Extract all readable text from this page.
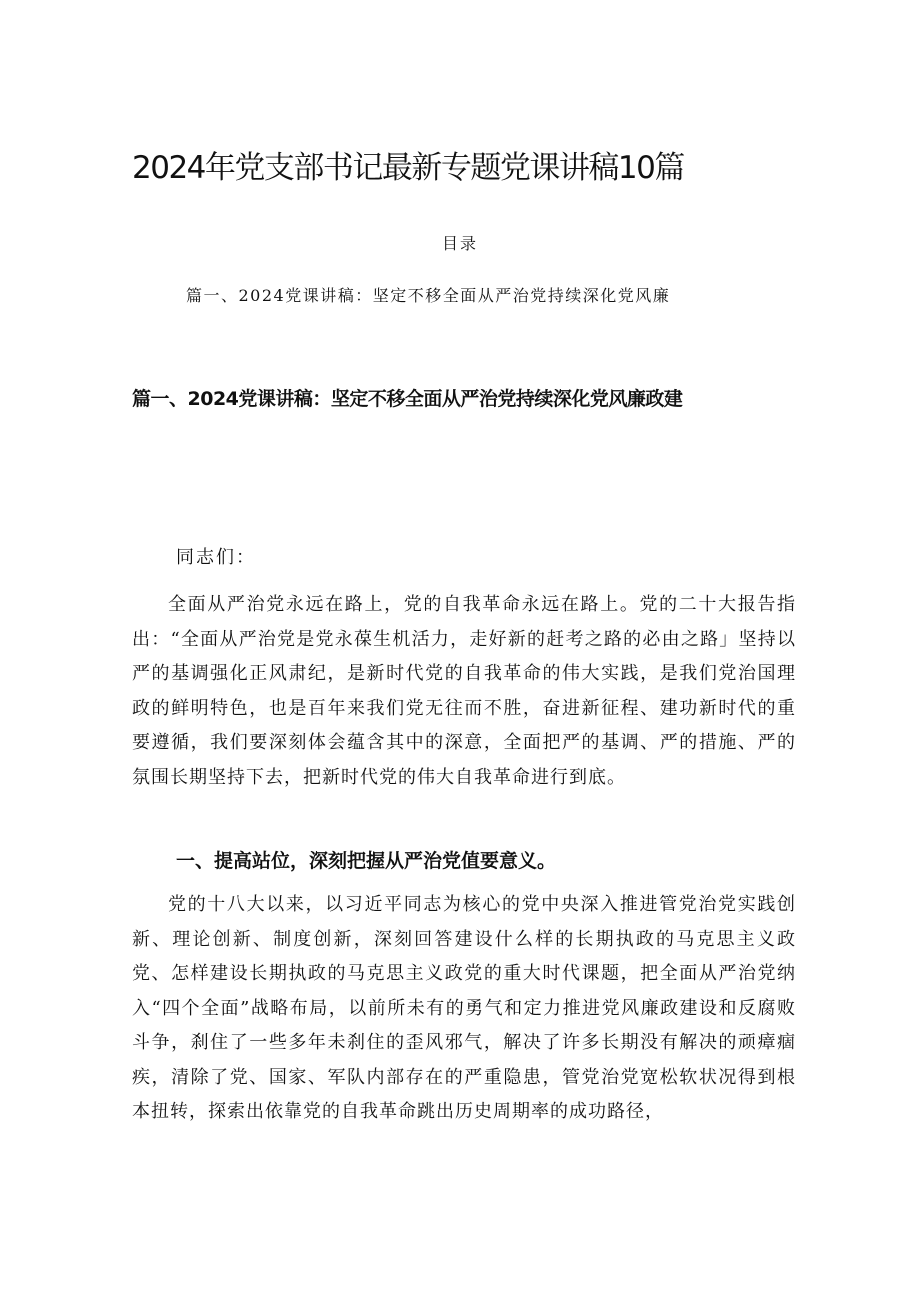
2024年党支部书记最新专题党课讲稿10篇
目录
篇一、2024党课讲稿：坚定不移全面从严治党持续深化党风廉
篇一、2024党课讲稿：坚定不移全面从严治党持续深化党风廉政建
同志们：

全面从严治党永远在路上，党的自我革命永远在路上。党的二十大报告指出：“全面从严治党是党永葆生机活力，走好新的赶考之路的必由之路」坚持以严的基调强化正风肃纪，是新时代党的自我革命的伟大实践，是我们党治国理政的鲜明特色，也是百年来我们党无往而不胜，奋进新征程、建功新时代的重要遵循，我们要深刻体会蕴含其中的深意，全面把严的基调、严的措施、严的氛围长期坚持下去，把新时代党的伟大自我革命进行到底。

一、提高站位，深刻把握从严治党值要意义。

党的十八大以来，以习近平同志为核心的党中央深入推进管党治党实践创新、理论创新、制度创新，深刻回答建设什么样的长期执政的马克思主义政党、怎样建设长期执政的马克思主义政党的重大时代课题，把全面从严治党纳入“四个全面”战略布局，以前所未有的勇气和定力推进党风廉政建设和反腐败斗争，刹住了一些多年未刹住的歪风邪气，解决了许多长期没有解决的顽瘴痼疾，清除了党、国家、军队内部存在的严重隐患，管党治党宽松软状况得到根本扭转，探索出依靠党的自我革命跳出历史周期率的成功路径，
